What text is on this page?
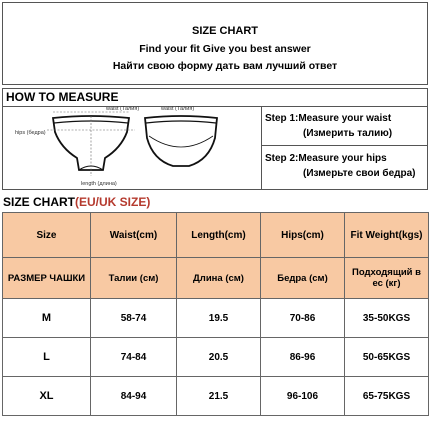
SIZE CHART
Find your fit Give you best answer
Найти свою форму дать вам лучший ответ
HOW TO MEASURE
waist (Талия)	waist (Талия)
hips (бедра)
length (длина)
Step 1:Measure your waist
(Измерить талию)
Step 2:Measure your hips
(Измерьте свои бедра)
SIZE CHART(EU/UK SIZE)
Size	Waist(cm)	Length(cm)	Hips(cm)	Fit Weight(kgs)
РАЗМЕР ЧАШКИ	Талии (см)	Длина (см)	Бедра (см)	Подходящий в ес (кг)
M	58-74	19.5	70-86	35-50KGS
L	74-84	20.5	86-96	50-65KGS
XL	84-94	21.5	96-106	65-75KGS
